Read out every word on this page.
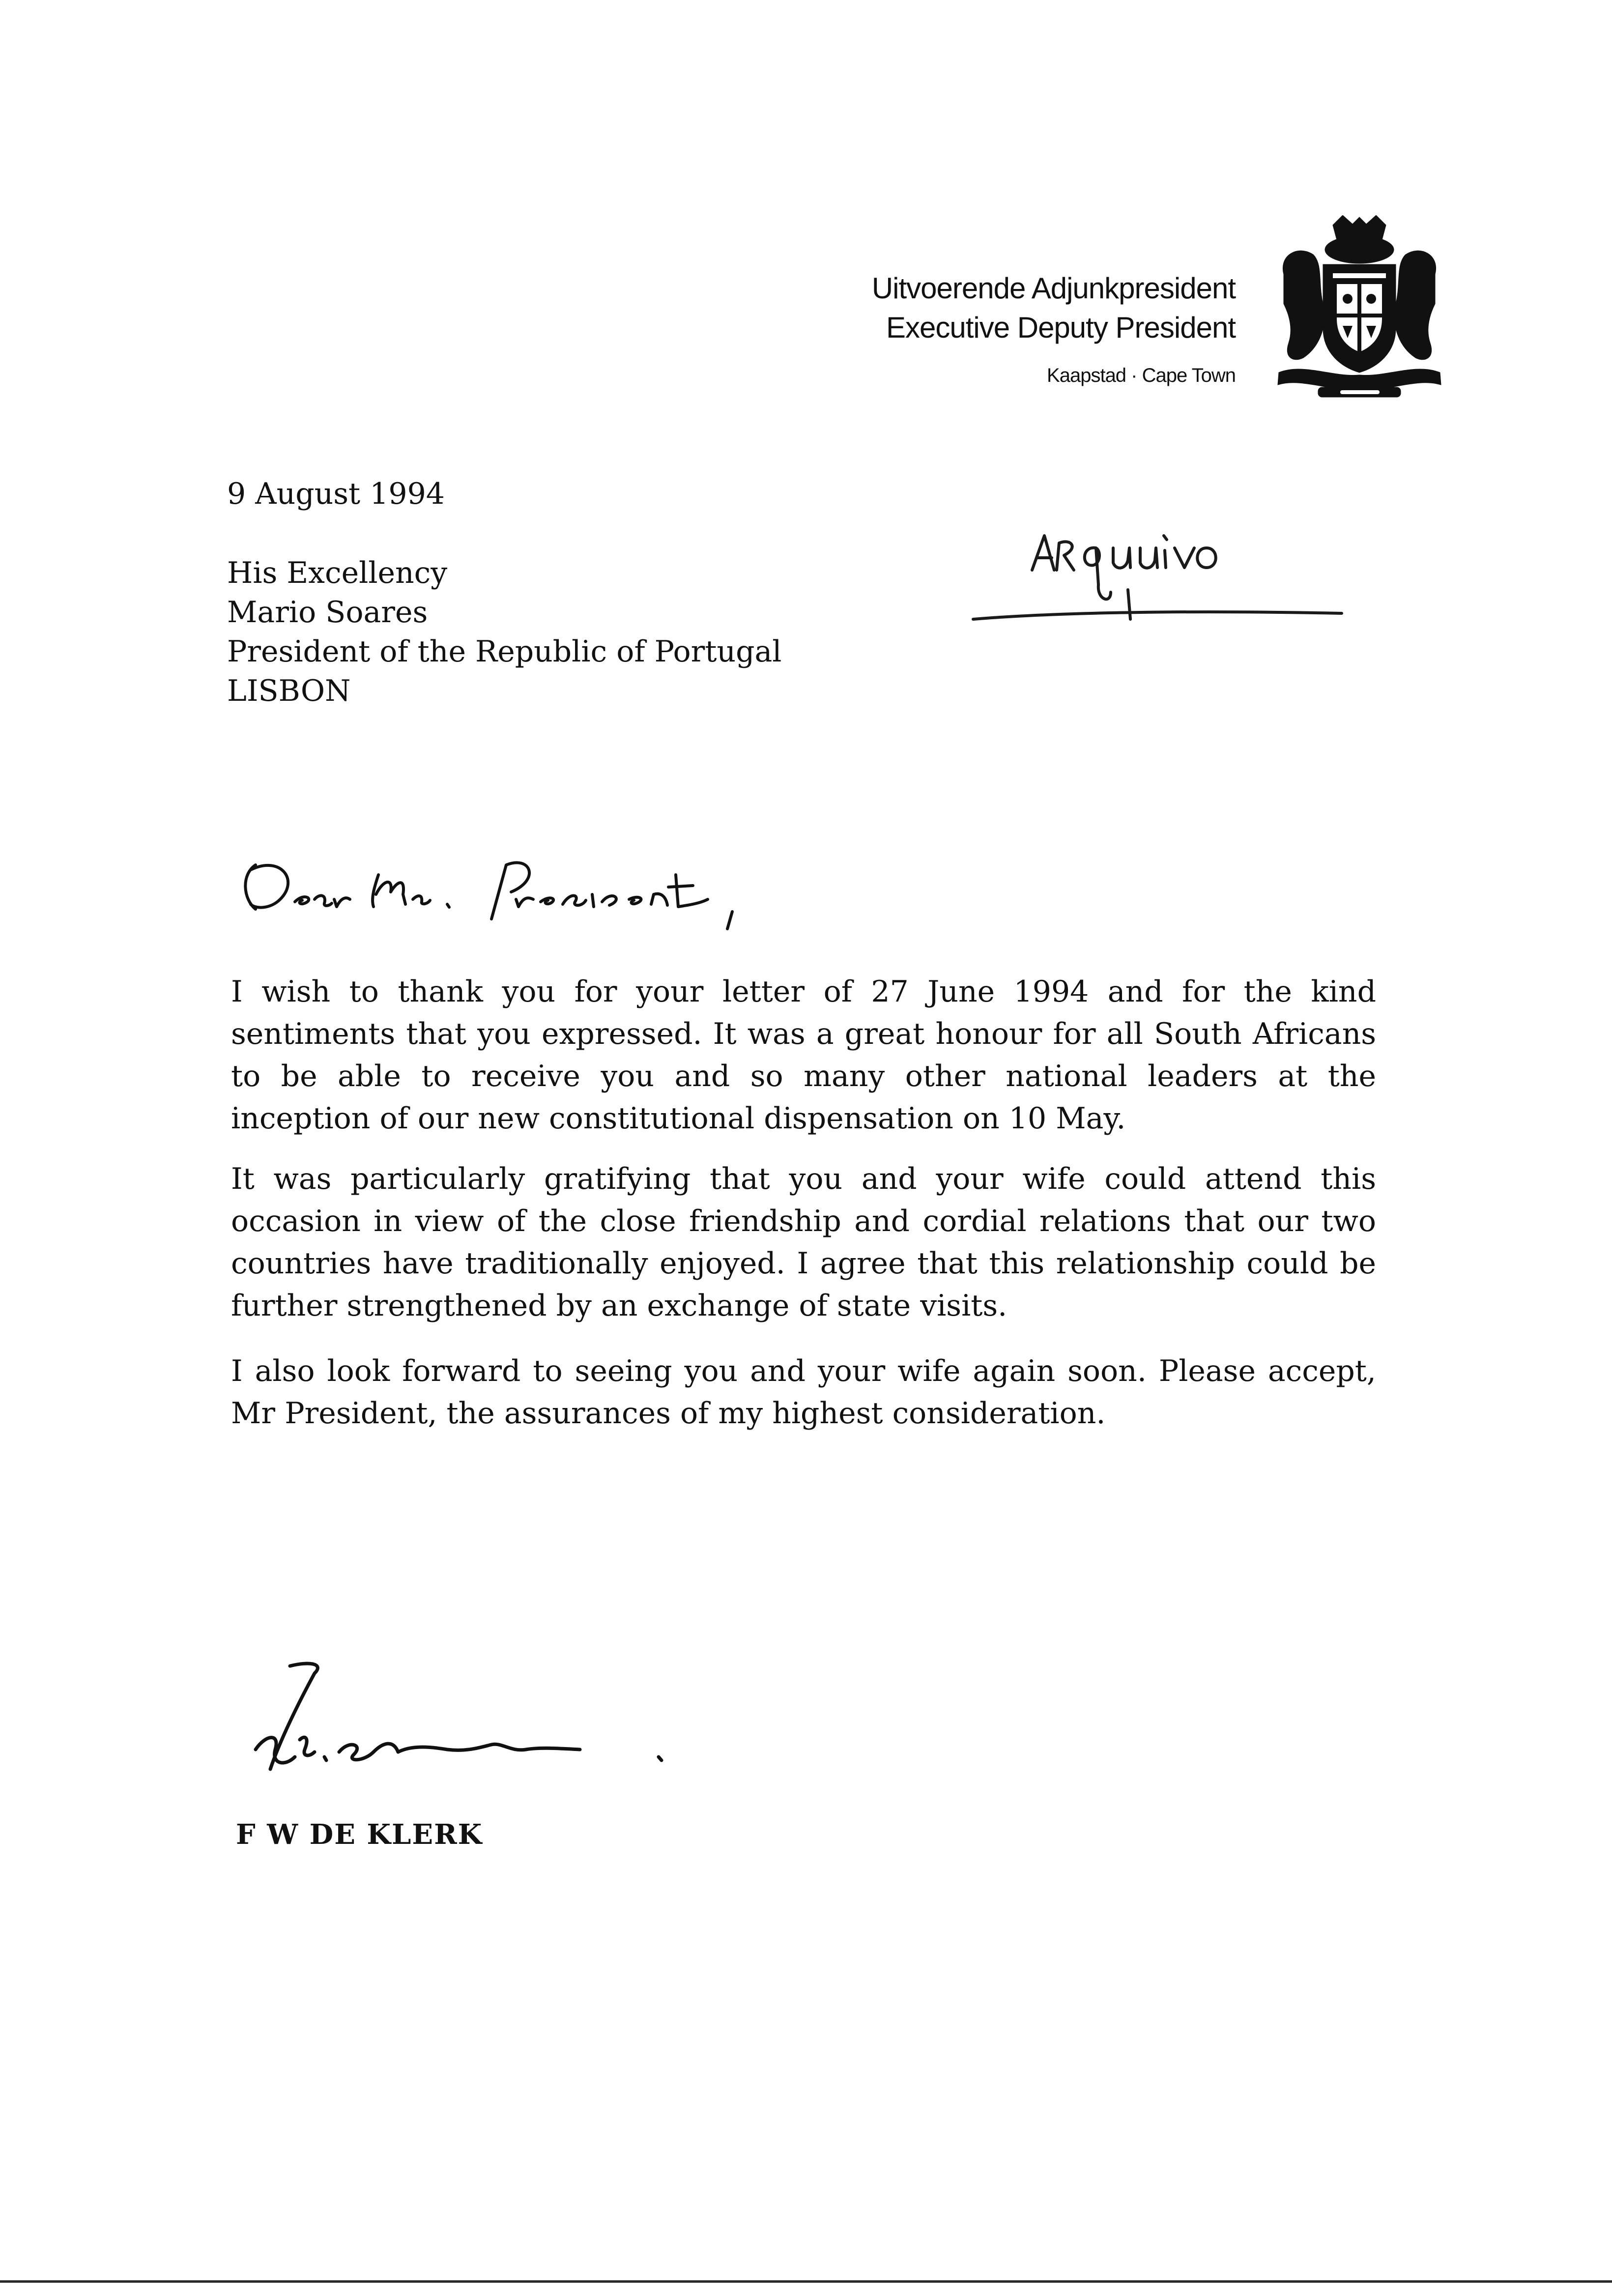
Uitvoerende Adjunkpresident
Executive Deputy President
Kaapstad · Cape Town
9 August 1994
His Excellency
Mario Soares
President of the Republic of Portugal
LISBON
I wish to thank you for your letter of 27 June 1994 and for the kind sentiments that you expressed. It was a great honour for all South Africans to be able to receive you and so many other national leaders at the inception of our new constitutional dispensation on 10 May.
It was particularly gratifying that you and your wife could attend this occasion in view of the close friendship and cordial relations that our two countries have traditionally enjoyed. I agree that this relationship could be further strengthened by an exchange of state visits.
I also look forward to seeing you and your wife again soon. Please accept, Mr President, the assurances of my highest consideration.
F W DE KLERK
